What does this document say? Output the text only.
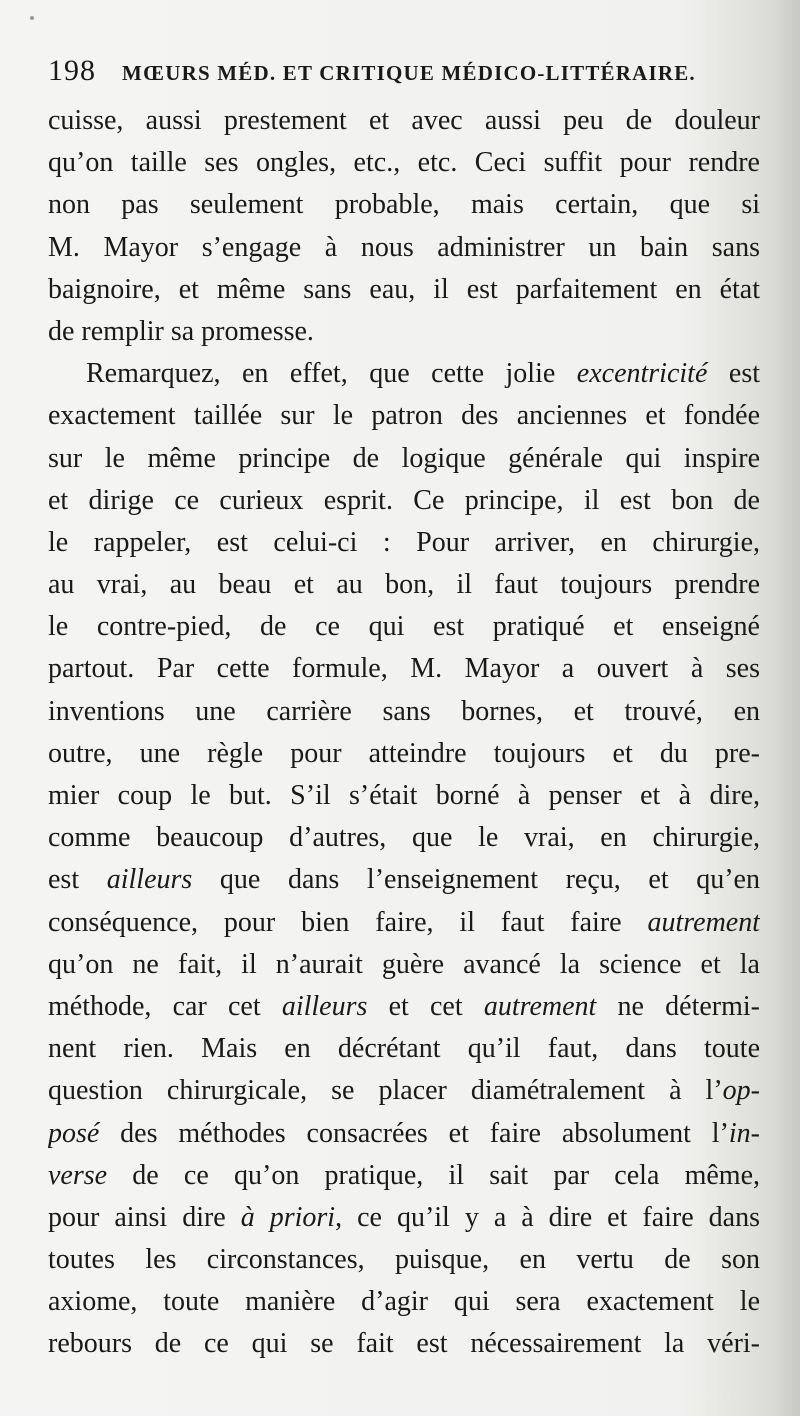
198 MŒURS MÉD. ET CRITIQUE MÉDICO-LITTÉRAIRE.
cuisse, aussi prestement et avec aussi peu de douleur
qu’on taille ses ongles, etc., etc. Ceci suffit pour rendre
non pas seulement probable, mais certain, que si
M. Mayor s’engage à nous administrer un bain sans
baignoire, et même sans eau, il est parfaitement en état
de remplir sa promesse.
Remarquez, en effet, que cette jolie excentricité est
exactement taillée sur le patron des anciennes et fondée
sur le même principe de logique générale qui inspire
et dirige ce curieux esprit. Ce principe, il est bon de
le rappeler, est celui-ci : Pour arriver, en chirurgie,
au vrai, au beau et au bon, il faut toujours prendre
le contre-pied, de ce qui est pratiqué et enseigné
partout. Par cette formule, M. Mayor a ouvert à ses
inventions une carrière sans bornes, et trouvé, en
outre, une règle pour atteindre toujours et du pre-
mier coup le but. S’il s’était borné à penser et à dire,
comme beaucoup d’autres, que le vrai, en chirurgie,
est ailleurs que dans l’enseignement reçu, et qu’en
conséquence, pour bien faire, il faut faire autrement
qu’on ne fait, il n’aurait guère avancé la science et la
méthode, car cet ailleurs et cet autrement ne détermi-
nent rien. Mais en décrétant qu’il faut, dans toute
question chirurgicale, se placer diamétralement à l’op-
posé des méthodes consacrées et faire absolument l’in-
verse de ce qu’on pratique, il sait par cela même,
pour ainsi dire à priori, ce qu’il y a à dire et faire dans
toutes les circonstances, puisque, en vertu de son
axiome, toute manière d’agir qui sera exactement le
rebours de ce qui se fait est nécessairement la véri-
